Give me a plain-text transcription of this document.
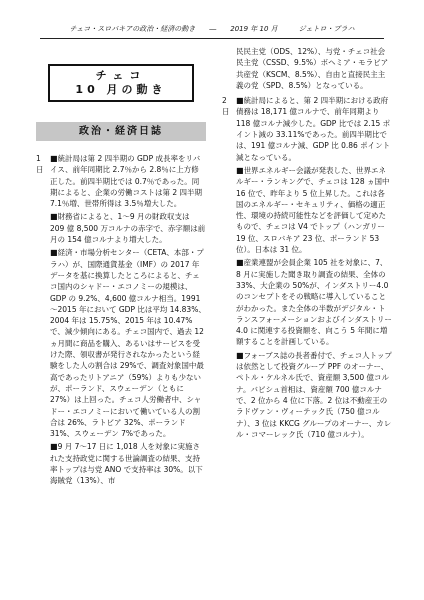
チェコ・スロバキアの政治・経済の動き　　―　　2019 年 10 月　　　ジェトロ・プラハ
チェコ
10 月の動き
政治・経済日誌
1 日
■統計局は第 2 四半期の GDP 成長率をリバイス、前年同期比 2.7％から 2.8％に上方修正した。前四半期比では 0.7％であった。同期によると、企業の労働コストは第 2 四半期 7.1％増、世帯所得は 3.5％増大した。
■財務省によると、1～9 月の財政収支は 209 億 8,500 万コルナの赤字で、赤字額は前月の 154 億コルナより増大した。
■経済・市場分析センター（CETA、本部・プラハ）が、国際通貨基金（IMF）の 2017 年データを基に換算したところによると、チェコ国内のシャドー・エコノミーの規模は、GDP の 9.2%、4,600 億コルナ相当。1991～2015 年において GDP 比は平均 14.83%、2004 年は 15.75%、2015 年は 10.47%で、減少傾向にある。チェコ国内で、過去 12 ヵ月間に商品を購入、あるいはサービスを受けた際、領収書が発行されなかったという経験をした人の割合は 29%で、調査対象国中最高であったリトアニア（59%）よりも少ないが、ポーランド、スウェーデン（ともに 27%）は上回った。チェコ人労働者中、シャドー・エコノミーにおいて働いている人の割合は 26%、ラトビア 32%、ポーランド 31%、スウェーデン 7%であった。
■9 月 7～17 日に 1,018 人を対象に実施された支持政党に関する世論調査の結果、支持率トップは与党 ANO で支持率は 30%。以下海賊党（13%）、市
民民主党（ODS、12%）、与党・チェコ社会民主党（CSSD、9.5%）ボヘミア・モラビア共産党（KSCM、8.5%）、自由と直接民主主義の党（SPD、8.5%）となっている。
2 日
■統計局によると、第 2 四半期における政府債務は 18,171 億コルナで、前年同期より 118 億コルナ減少した。GDP 比では 2.15 ポイント減の 33.11%であった。前四半期比では、191 億コルナ減、GDP 比 0.86 ポイント減となっている。
■世界エネルギー会議が発表した、世界エネルギー・ランキングで、チェコは 128 ヵ国中 16 位で、昨年より 5 位上昇した。これは各国のエネルギー・セキュリティ、価格の適正性、環境の持続可能性などを評価して定めたもので、チェコは V4 でトップ（ハンガリー 19 位、スロバキア 23 位、ポーランド 53 位）。日本は 31 位。
■産業連盟が会員企業 105 社を対象に、7、8 月に実施した聞き取り調査の結果、全体の 33%、大企業の 50%が、インダストリー4.0 のコンセプトをその戦略に導入していることがわかった。また全体の半数がデジタル・トランスフォーメーションおよびインダストリー4.0 に関連する投資額を、向こう 5 年間に増額することを計画している。
■フォーブス誌の長者番付で、チェコ人トップは依然として投資グループ PPF のオーナー、ペトル・ケルネル氏で、資産額 3,500 億コルナ。バビシュ首相は、資産額 700 億コルナで、2 位から 4 位に下落。2 位は不動産王のラドヴァン・ヴィーテック氏（750 億コルナ）、3 位は KKCG グループのオーナー、カレル・コマーレック氏（710 億コルナ）。
